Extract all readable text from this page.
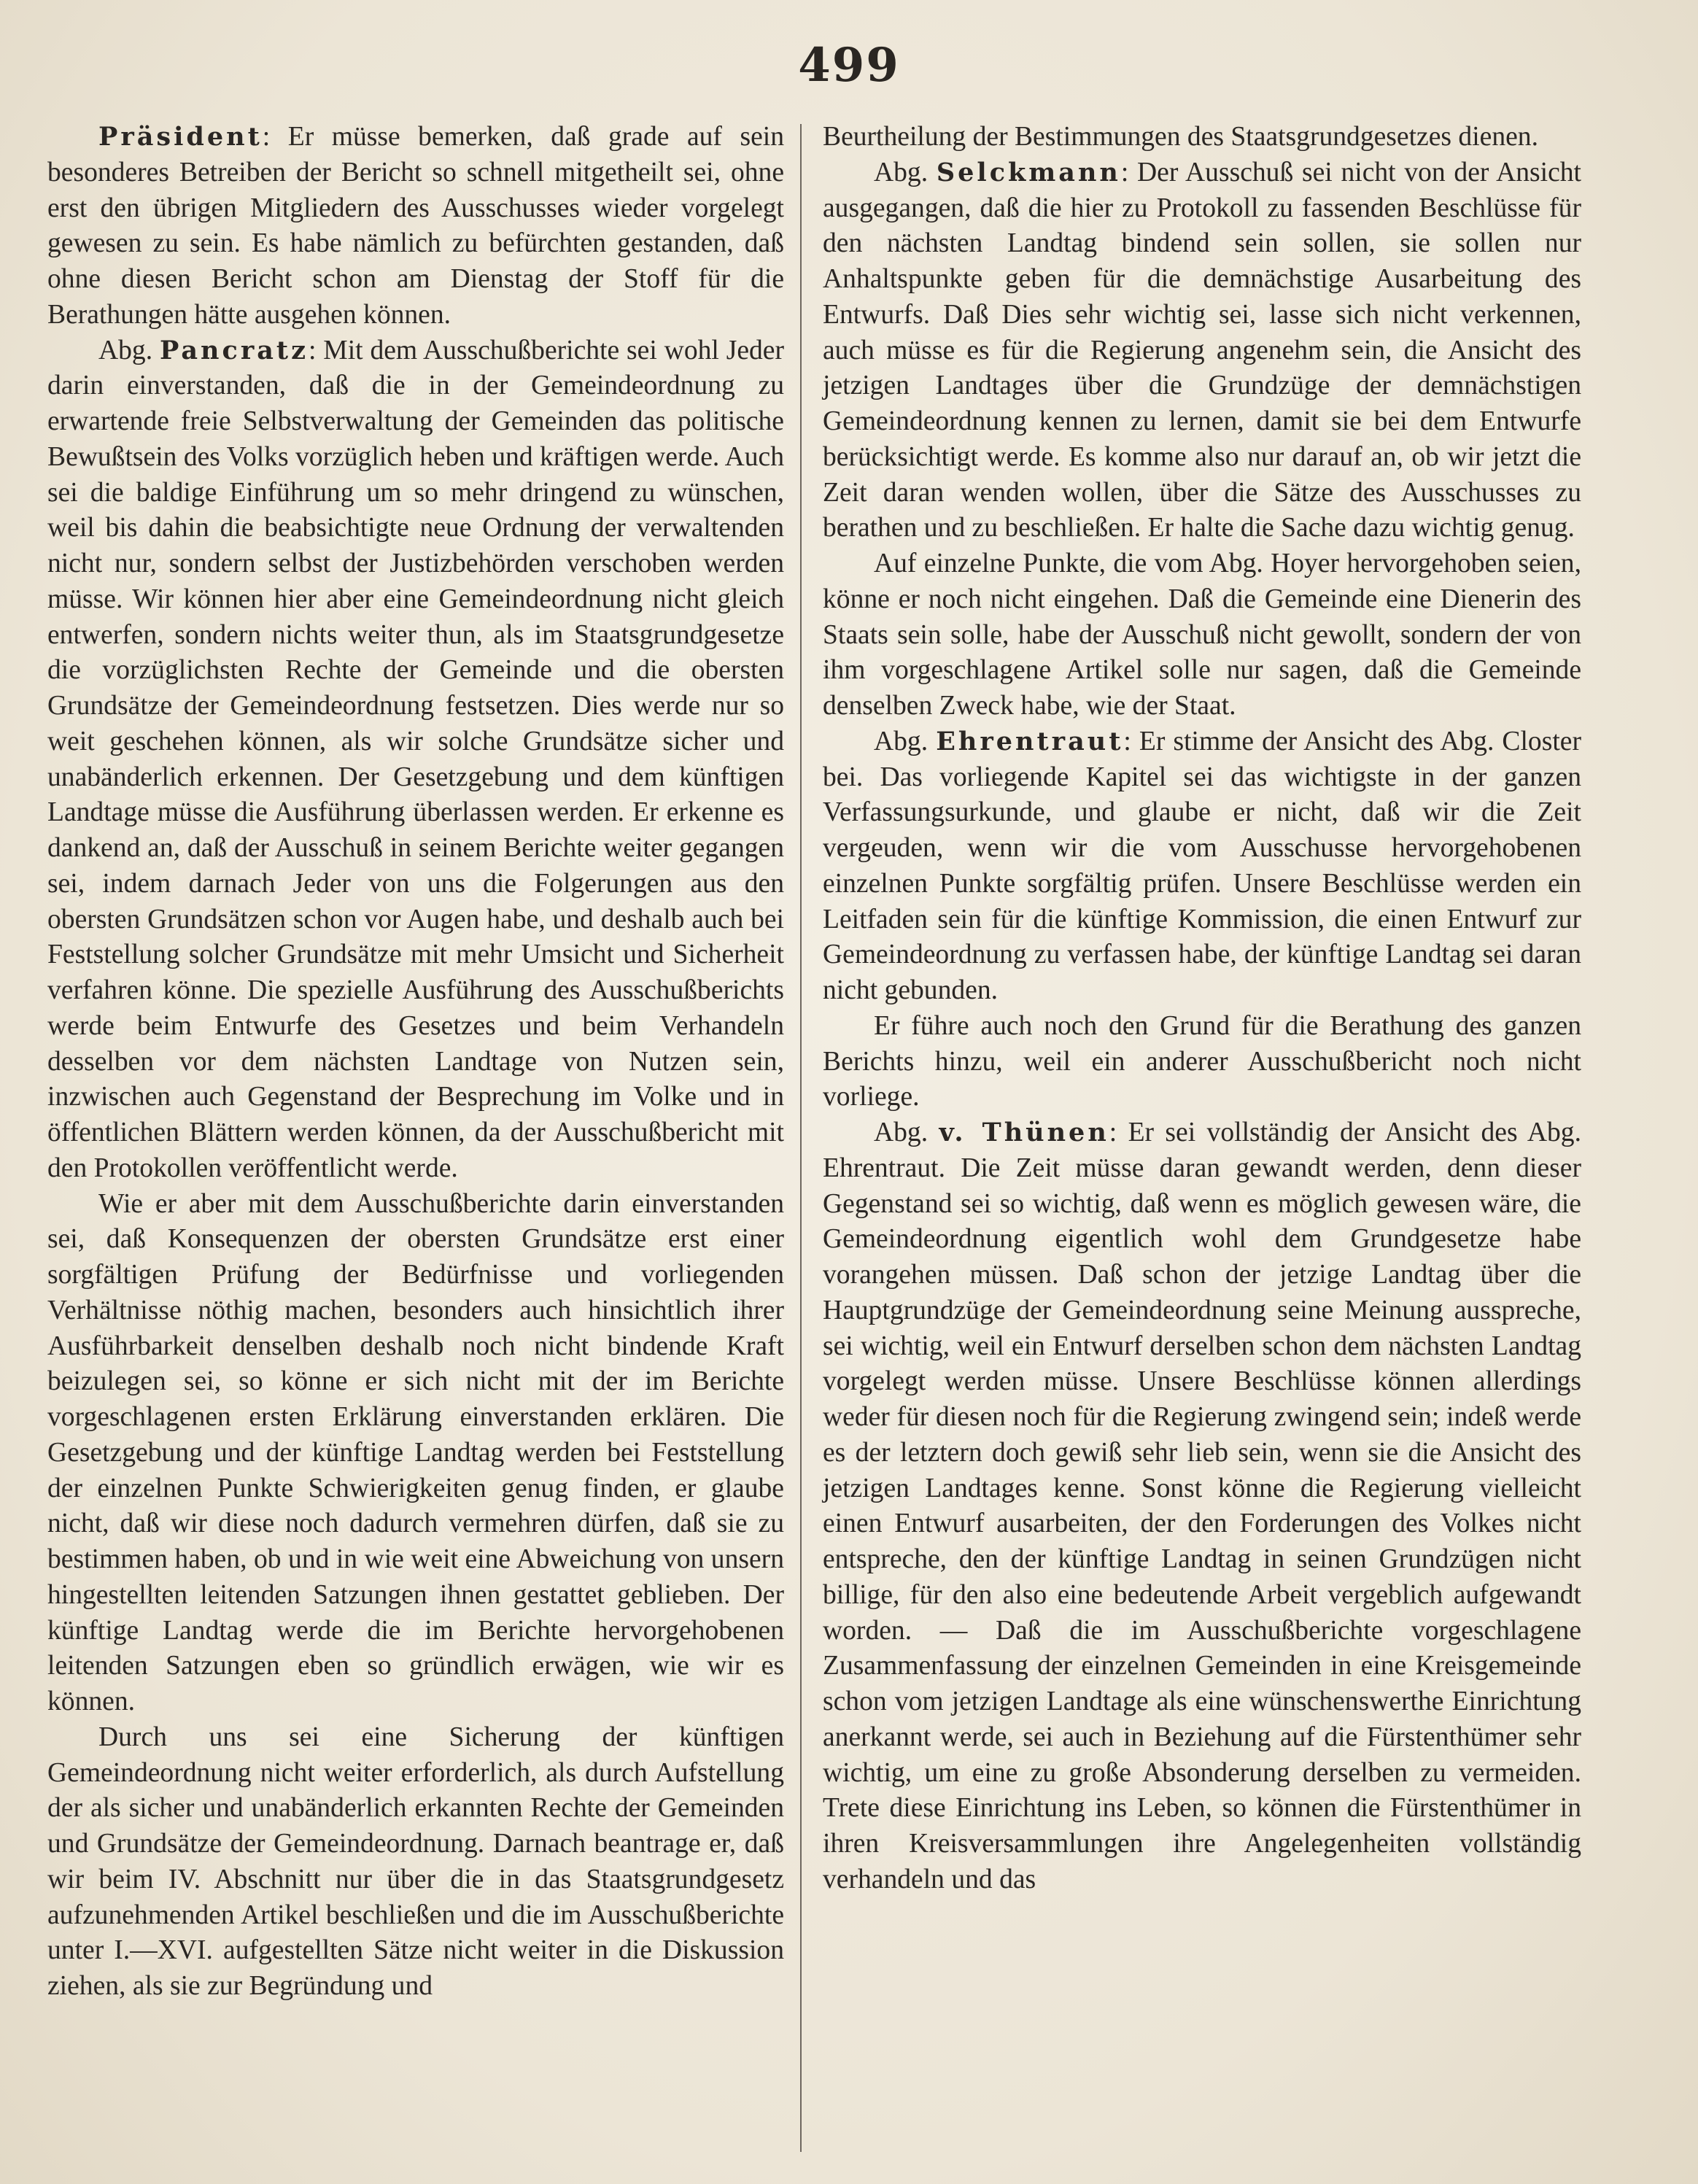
499

Präsident: Er müsse bemerken, daß grade auf sein besonderes Betreiben der Bericht so schnell mitgetheilt sei, ohne erst den übrigen Mitgliedern des Ausschusses wieder vorgelegt gewesen zu sein. Es habe nämlich zu befürchten gestanden, daß ohne diesen Bericht schon am Dienstag der Stoff für die Berathungen hätte ausgehen können.

Abg. Pancratz: Mit dem Ausschußberichte sei wohl Jeder darin einverstanden, daß die in der Gemeindeordnung zu erwartende freie Selbstverwaltung der Gemeinden das politische Bewußtsein des Volks vorzüglich heben und kräftigen werde. Auch sei die baldige Einführung um so mehr dringend zu wünschen, weil bis dahin die beabsichtigte neue Ordnung der verwaltenden nicht nur, sondern selbst der Justizbehörden verschoben werden müsse. Wir können hier aber eine Gemeindeordnung nicht gleich entwerfen, sondern nichts weiter thun, als im Staatsgrundgesetze die vorzüglichsten Rechte der Gemeinde und die obersten Grundsätze der Gemeindeordnung festsetzen. Dies werde nur so weit geschehen können, als wir solche Grundsätze sicher und unabänderlich erkennen. Der Gesetzgebung und dem künftigen Landtage müsse die Ausführung überlassen werden. Er erkenne es dankend an, daß der Ausschuß in seinem Berichte weiter gegangen sei, indem darnach Jeder von uns die Folgerungen aus den obersten Grundsätzen schon vor Augen habe, und deshalb auch bei Feststellung solcher Grundsätze mit mehr Umsicht und Sicherheit verfahren könne. Die spezielle Ausführung des Ausschußberichts werde beim Entwurfe des Gesetzes und beim Verhandeln desselben vor dem nächsten Landtage von Nutzen sein, inzwischen auch Gegenstand der Besprechung im Volke und in öffentlichen Blättern werden können, da der Ausschußbericht mit den Protokollen veröffentlicht werde.

Wie er aber mit dem Ausschußberichte darin einverstanden sei, daß Konsequenzen der obersten Grundsätze erst einer sorgfältigen Prüfung der Bedürfnisse und vorliegenden Verhältnisse nöthig machen, besonders auch hinsichtlich ihrer Ausführbarkeit denselben deshalb noch nicht bindende Kraft beizulegen sei, so könne er sich nicht mit der im Berichte vorgeschlagenen ersten Erklärung einverstanden erklären. Die Gesetzgebung und der künftige Landtag werden bei Feststellung der einzelnen Punkte Schwierigkeiten genug finden, er glaube nicht, daß wir diese noch dadurch vermehren dürfen, daß sie zu bestimmen haben, ob und in wie weit eine Abweichung von unsern hingestellten leitenden Satzungen ihnen gestattet geblieben. Der künftige Landtag werde die im Berichte hervorgehobenen leitenden Satzungen eben so gründlich erwägen, wie wir es können.

Durch uns sei eine Sicherung der künftigen Gemeindeordnung nicht weiter erforderlich, als durch Aufstellung der als sicher und unabänderlich erkannten Rechte der Gemeinden und Grundsätze der Gemeindeordnung. Darnach beantrage er, daß wir beim IV. Abschnitt nur über die in das Staatsgrundgesetz aufzunehmenden Artikel beschließen und die im Ausschußberichte unter I.—XVI. aufgestellten Sätze nicht weiter in die Diskussion ziehen, als sie zur Begründung und

Beurtheilung der Bestimmungen des Staatsgrundgesetzes dienen.

Abg. Selckmann: Der Ausschuß sei nicht von der Ansicht ausgegangen, daß die hier zu Protokoll zu fassenden Beschlüsse für den nächsten Landtag bindend sein sollen, sie sollen nur Anhaltspunkte geben für die demnächstige Ausarbeitung des Entwurfs. Daß Dies sehr wichtig sei, lasse sich nicht verkennen, auch müsse es für die Regierung angenehm sein, die Ansicht des jetzigen Landtages über die Grundzüge der demnächstigen Gemeindeordnung kennen zu lernen, damit sie bei dem Entwurfe berücksichtigt werde. Es komme also nur darauf an, ob wir jetzt die Zeit daran wenden wollen, über die Sätze des Ausschusses zu berathen und zu beschließen. Er halte die Sache dazu wichtig genug.

Auf einzelne Punkte, die vom Abg. Hoyer hervorgehoben seien, könne er noch nicht eingehen. Daß die Gemeinde eine Dienerin des Staats sein solle, habe der Ausschuß nicht gewollt, sondern der von ihm vorgeschlagene Artikel solle nur sagen, daß die Gemeinde denselben Zweck habe, wie der Staat.

Abg. Ehrentraut: Er stimme der Ansicht des Abg. Closter bei. Das vorliegende Kapitel sei das wichtigste in der ganzen Verfassungsurkunde, und glaube er nicht, daß wir die Zeit vergeuden, wenn wir die vom Ausschusse hervorgehobenen einzelnen Punkte sorgfältig prüfen. Unsere Beschlüsse werden ein Leitfaden sein für die künftige Kommission, die einen Entwurf zur Gemeindeordnung zu verfassen habe, der künftige Landtag sei daran nicht gebunden.

Er führe auch noch den Grund für die Berathung des ganzen Berichts hinzu, weil ein anderer Ausschußbericht noch nicht vorliege.

Abg. v. Thünen: Er sei vollständig der Ansicht des Abg. Ehrentraut. Die Zeit müsse daran gewandt werden, denn dieser Gegenstand sei so wichtig, daß wenn es möglich gewesen wäre, die Gemeindeordnung eigentlich wohl dem Grundgesetze habe vorangehen müssen. Daß schon der jetzige Landtag über die Hauptgrundzüge der Gemeindeordnung seine Meinung ausspreche, sei wichtig, weil ein Entwurf derselben schon dem nächsten Landtag vorgelegt werden müsse. Unsere Beschlüsse können allerdings weder für diesen noch für die Regierung zwingend sein; indeß werde es der letztern doch gewiß sehr lieb sein, wenn sie die Ansicht des jetzigen Landtages kenne. Sonst könne die Regierung vielleicht einen Entwurf ausarbeiten, der den Forderungen des Volkes nicht entspreche, den der künftige Landtag in seinen Grundzügen nicht billige, für den also eine bedeutende Arbeit vergeblich aufgewandt worden. — Daß die im Ausschußberichte vorgeschlagene Zusammenfassung der einzelnen Gemeinden in eine Kreisgemeinde schon vom jetzigen Landtage als eine wünschenswerthe Einrichtung anerkannt werde, sei auch in Beziehung auf die Fürstenthümer sehr wichtig, um eine zu große Absonderung derselben zu vermeiden. Trete diese Einrichtung ins Leben, so können die Fürstenthümer in ihren Kreisversammlungen ihre Angelegenheiten vollständig verhandeln und das
